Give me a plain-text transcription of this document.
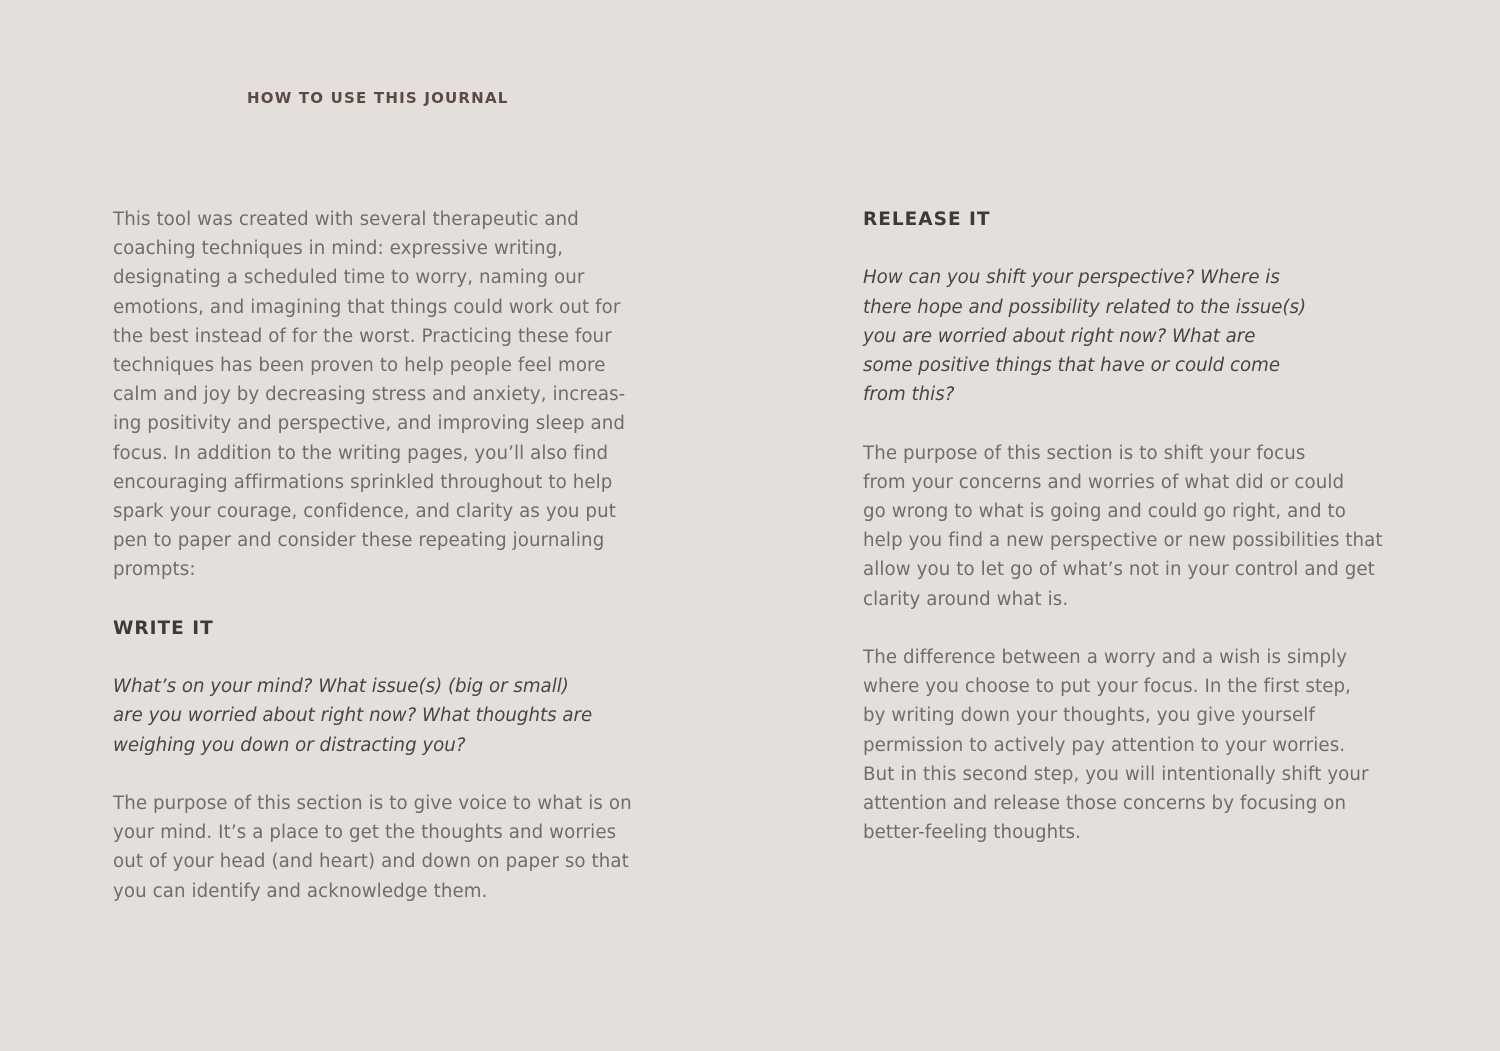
HOW TO USE THIS JOURNAL

This tool was created with several therapeutic and
coaching techniques in mind: expressive writing,
designating a scheduled time to worry, naming our
emotions, and imagining that things could work out for
the best instead of for the worst. Practicing these four
techniques has been proven to help people feel more
calm and joy by decreasing stress and anxiety, increas-
ing positivity and perspective, and improving sleep and
focus. In addition to the writing pages, you’ll also find
encouraging affirmations sprinkled throughout to help
spark your courage, confidence, and clarity as you put
pen to paper and consider these repeating journaling
prompts:

WRITE IT

What’s on your mind? What issue(s) (big or small)
are you worried about right now? What thoughts are
weighing you down or distracting you?

The purpose of this section is to give voice to what is on
your mind. It’s a place to get the thoughts and worries
out of your head (and heart) and down on paper so that
you can identify and acknowledge them.

RELEASE IT

How can you shift your perspective? Where is
there hope and possibility related to the issue(s)
you are worried about right now? What are
some positive things that have or could come
from this?

The purpose of this section is to shift your focus
from your concerns and worries of what did or could
go wrong to what is going and could go right, and to
help you find a new perspective or new possibilities that
allow you to let go of what’s not in your control and get
clarity around what is.

The difference between a worry and a wish is simply
where you choose to put your focus. In the first step,
by writing down your thoughts, you give yourself
permission to actively pay attention to your worries.
But in this second step, you will intentionally shift your
attention and release those concerns by focusing on
better-feeling thoughts.
